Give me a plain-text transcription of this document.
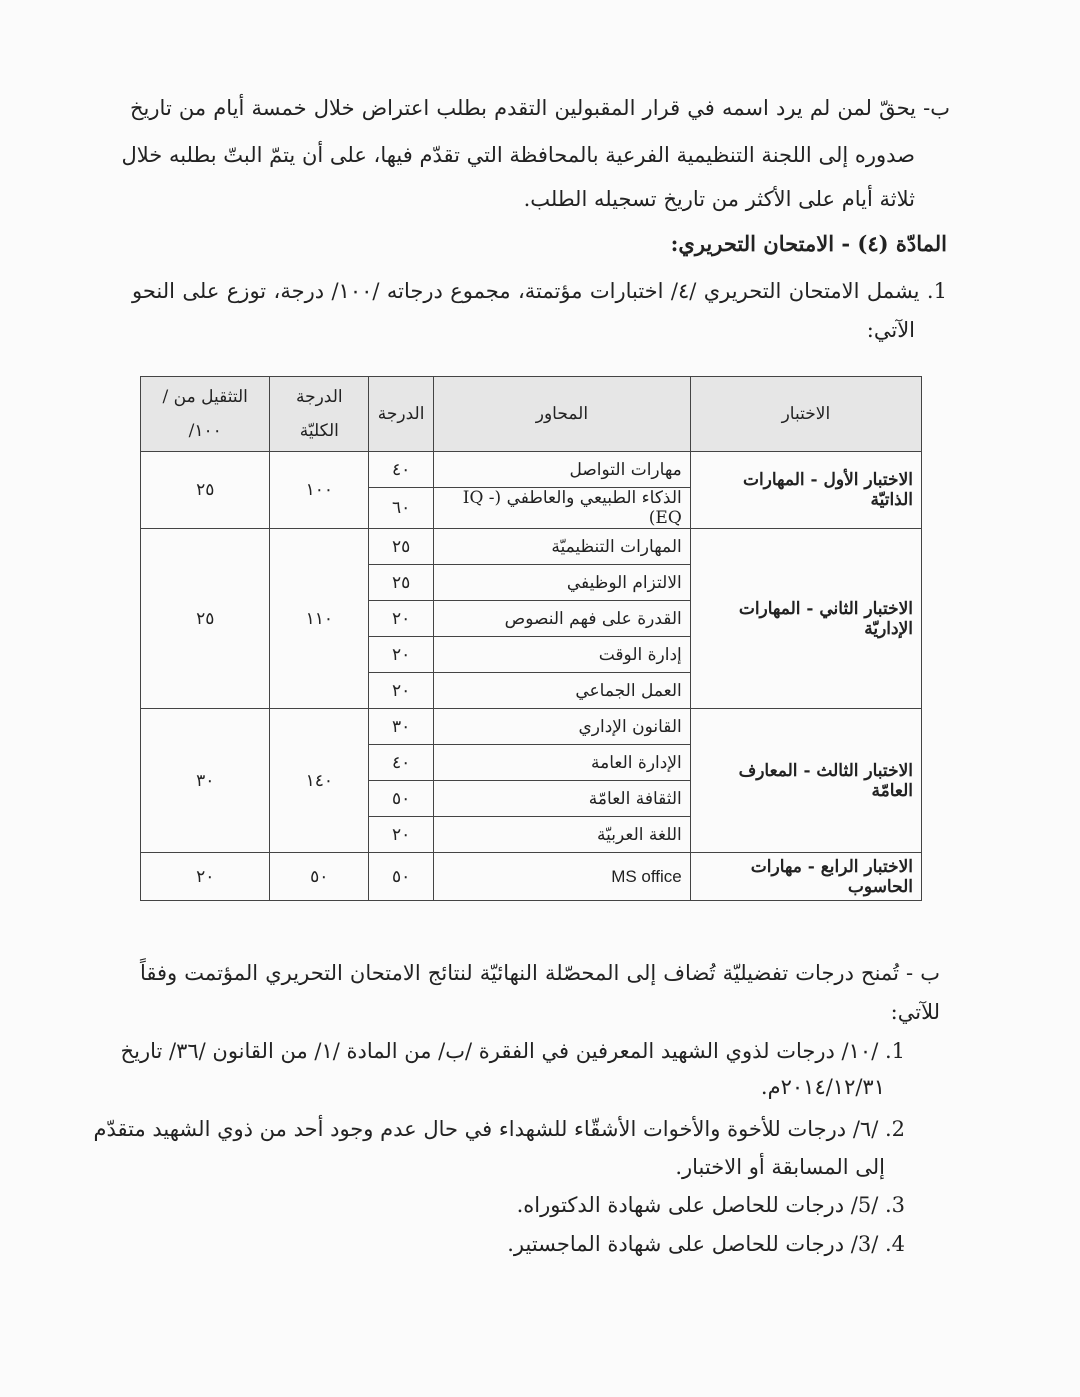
ب- يحقّ لمن لم يرد اسمه في قرار المقبولين التقدم بطلب اعتراض خلال خمسة أيام من تاريخ
صدوره إلى اللجنة التنظيمية الفرعية بالمحافظة التي تقدّم فيها، على أن يتمّ البتّ بطلبه خلال
ثلاثة أيام على الأكثر من تاريخ تسجيله الطلب.
المادّة (٤) - الامتحان التحريري:
1. يشمل الامتحان التحريري /٤/ اختبارات مؤتمتة، مجموع درجاته /١٠٠/ درجة، توزع على النحو
الآتي:
الاختبار	المحاور	الدرجة	الدرجة الكليّة	التثقيل من /١٠٠/
الاختبار الأول - المهارات الذاتيّة	مهارات التواصل	٤٠	١٠٠	٢٥
	الذكاء الطبيعي والعاطفي (IQ - EQ)	٦٠		
الاختبار الثاني - المهارات الإداريّة	المهارات التنظيميّة	٢٥	١١٠	٢٥
	الالتزام الوظيفي	٢٥		
	القدرة على فهم النصوص	٢٠		
	إدارة الوقت	٢٠		
	العمل الجماعي	٢٠		
الاختبار الثالث - المعارف العامّة	القانون الإداري	٣٠	١٤٠	٣٠
	الإدارة العامة	٤٠		
	الثقافة العامّة	٥٠		
	اللغة العربيّة	٢٠		
الاختبار الرابع - مهارات الحاسوب	MS office	٥٠	٥٠	٢٠
ب - تُمنح درجات تفضيليّة تُضاف إلى المحصّلة النهائيّة لنتائج الامتحان التحريري المؤتمت وفقاً
للآتي:
1. /١٠/ درجات لذوي الشهيد المعرفين في الفقرة /ب/ من المادة /١/ من القانون /٣٦/ تاريخ
٢٠١٤/١٢/٣١م.
2. /٦/ درجات للأخوة والأخوات الأشقّاء للشهداء في حال عدم وجود أحد من ذوي الشهيد متقدّم
إلى المسابقة أو الاختبار.
3. /5/ درجات للحاصل على شهادة الدكتوراه.
4. /3/ درجات للحاصل على شهادة الماجستير.
